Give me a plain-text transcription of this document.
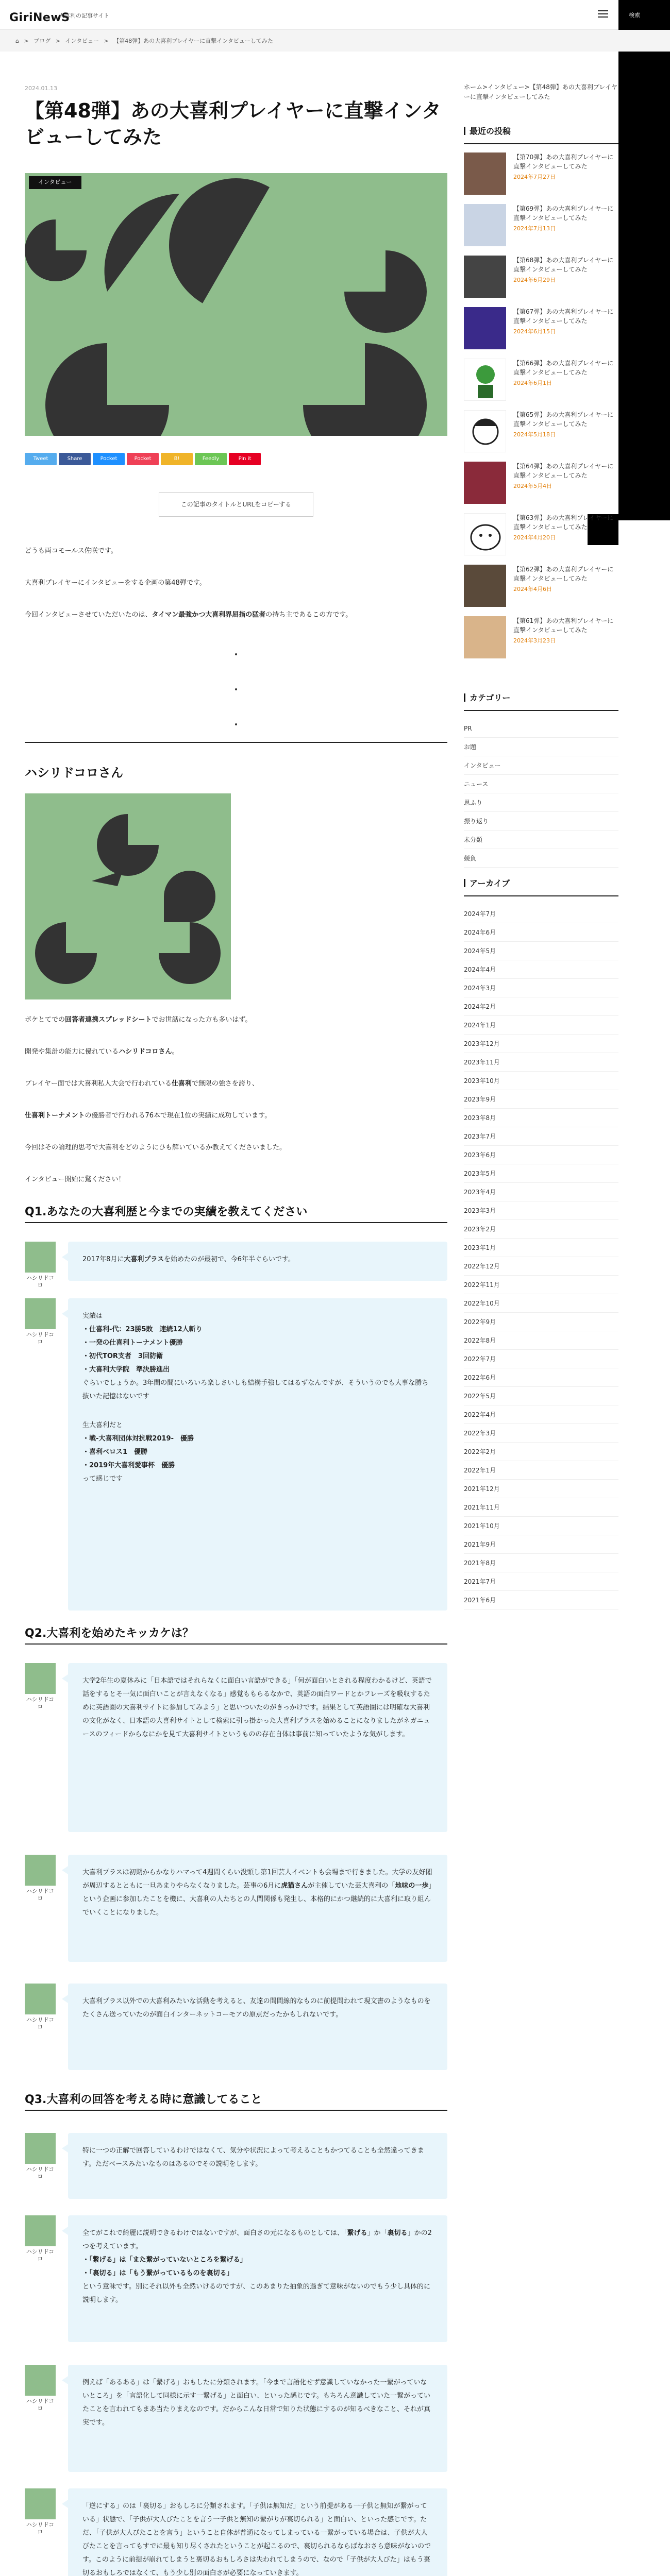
GiriNewS
大喜利の記事サイト	検索
⌂ > ブログ > インタビュー > 【第48弾】あの大喜利プレイヤーに直撃インタビューしてみた
2024.01.13
【第48弾】あの大喜利プレイヤーに直撃インタビューしてみた
インタビュー
Tweet	Share	Pocket	Pocket	B!	Feedly	Pin it
この記事のタイトルとURLをコピーする
どうも両コモールス佐咲です。
大喜利プレイヤーにインタビューをする企画の第48弾です。
今回インタビューさせていただいたのは、タイマン最強かつ大喜利界屈指の猛者の持ち主であるこの方です。
ハシリドコロさん
ボケとてでの回答者連携スプレッドシートでお世話になった方も多いはず。
開発や集計の能力に優れているハシリドコロさん。
プレイヤー面では大喜利私人大会で行われている仕喜利で無限の強さを誇り、
仕喜利トーナメントの優勝者で行われる76本で現在1位の実績に成功しています。
今回はその論理的思考で大喜利をどのようにひも解いているか教えてくださいました。
インタビュー開始に驚ください！
Q1.あなたの大喜利歴と今までの実績を教えてください
ハシリドコロ
2017年8月に大喜利プラスを始めたのが最初で、今6年半ぐらいです。
ハシリドコロ
実績は
・仕喜利-代：23勝5敗　連続12人斬り
・一発の仕喜利トーナメント優勝
・初代TOR支者　3回防衛
・大喜利大学院　準決勝進出
ぐらいでしょうか。3年間の間にいろいろ楽しさいしも結構手強してはるずなんですが、そういうのでも大事な勝ち抜いた記憶はないです
生大喜利だと
・戦-大喜利団体対抗戦2019-　優勝
・喜利ベロス1　優勝
・2019年大喜利愛事杯　優勝
って感じです
Q2.大喜利を始めたキッカケは？
ハシリドコロ
大学2年生の夏休みに「日本語ではそれらなくに面白い言語ができる」「何が面白いとされる程度わかるけど、英語で話をするとそ一気に面白いことが言えなくなる」感覚ももらるなかで、英語の面白ワードとかフレーズを吸収するために英語圏の大喜利サイトに参加してみよう」と思いついたのがきっかけです。結果として英語圏には明確な大喜利の文化がなく、日本語の大喜利サイトとして検索に引っ掛かった大喜利プラスを始めることになりましたがネガニュースのフィードからなにかを見て大喜利サイトというものの存在自体は事前に知っていたような気がします。
ハシリドコロ
大喜利プラスは初期からかなりハマって4週間くらい没頭し第1回芸人イベントも会場まで行きました。大学の友好閣が周辺するとともに一旦あまりやらなくなりました。芸事の6月に虎猫さんが主催していた芸大喜利の「地味の一歩」という企画に参加したことを機に、大喜利の人たちとの人間関係も発生し、本格的にかつ継続的に大喜利に取り組んでいくことになりました。
ハシリドコロ
大喜利プラス以外での大喜利みたいな活動を考えると、友達の間間線的なものに前提問われて現文書のようなものをたくさん送っていたのが面白インターネットコーモアの原点だったかもしれないです。
Q3.大喜利の回答を考える時に意識してること
ハシリドコロ
特に一つの正解で回答しているわけではなくて、気分や状況によって考えることもかつてることも全然違ってきます。ただベースみたいなものはあるのでその説明をします。
ハシリドコロ
全てがこれで綺麗に説明できるわけではないですが、面白さの元になるものとしては、「繋げる」か「裏切る」かの2つを考えています。
・「繋げる」は「また繋がっていないところを繋げる」
・「裏切る」は「もう繋がっているものを裏切る」
という意味です。別にそれ以外も全然いけるのですが、このあまりた抽象的過ぎて意味がないのでもう少し具体的に説明します。
ハシリドコロ
例えば「あるある」は「繋げる」おもしたに分類されます。「今まで言語化せず意識していなかった一繋がっていないところ」を「言語化して同様に示す一繋げる」と面白い、といった感じです。もちろん意識していた一繋がっていたことを言われてもまあ当たりまえなのです。だからこんな日常で知りた状態にするのが知るべきなこと、それが真実です。
ハシリドコロ
「逆にする」のは「裏切る」おもしろに分類されます。「子供は無知だ」という前提がある一子供と無知が繋がっている」状態で、「子供が大人びたことを言う一子供と無知の繋がりが裏切られる」と面白い、といった感じです。ただ、「子供が大人びたことを言う」ということ自体が普通になってしまっている一繋がっている場合は、子供が大人びたことを言ってもすでに最も知り尽くされたということが起こるので、裏切られるならばなおさら意味がないのです。このように前提が崩れてしまうと裏切るおもしろさは失われてしまうので、なので「子供が大人びた」はもう裏切るおもしろではなくて、もう少し別の面白さが必要になっていきます。
ホーム>インタビュー>【第48弾】あの大喜利プレイヤーに直撃インタビューしてみた
最近の投稿
【第70弾】あの大喜利プレイヤーに直撃インタビューしてみた
2024年7月27日
【第69弾】あの大喜利プレイヤーに直撃インタビューしてみた
2024年7月13日
【第68弾】あの大喜利プレイヤーに直撃インタビューしてみた
2024年6月29日
【第67弾】あの大喜利プレイヤーに直撃インタビューしてみた
2024年6月15日
【第66弾】あの大喜利プレイヤーに直撃インタビューしてみた
2024年6月1日
【第65弾】あの大喜利プレイヤーに直撃インタビューしてみた
2024年5月18日
【第64弾】あの大喜利プレイヤーに直撃インタビューしてみた
2024年5月4日
【第63弾】あの大喜利プレイヤーに直撃インタビューしてみた
2024年4月20日
【第62弾】あの大喜利プレイヤーに直撃インタビューしてみた
2024年4月6日
【第61弾】あの大喜利プレイヤーに直撃インタビューしてみた
2024年3月23日
カテゴリー
PR
お題
インタビュー
ニュース
思ふり
振り返り
未分類
競負
アーカイブ
2024年7月
2024年6月
2024年5月
2024年4月
2024年3月
2024年2月
2024年1月
2023年12月
2023年11月
2023年10月
2023年9月
2023年8月
2023年7月
2023年6月
2023年5月
2023年4月
2023年3月
2023年2月
2023年1月
2022年12月
2022年11月
2022年10月
2022年9月
2022年8月
2022年7月
2022年6月
2022年5月
2022年4月
2022年3月
2022年2月
2022年1月
2021年12月
2021年11月
2021年10月
2021年9月
2021年8月
2021年7月
2021年6月
